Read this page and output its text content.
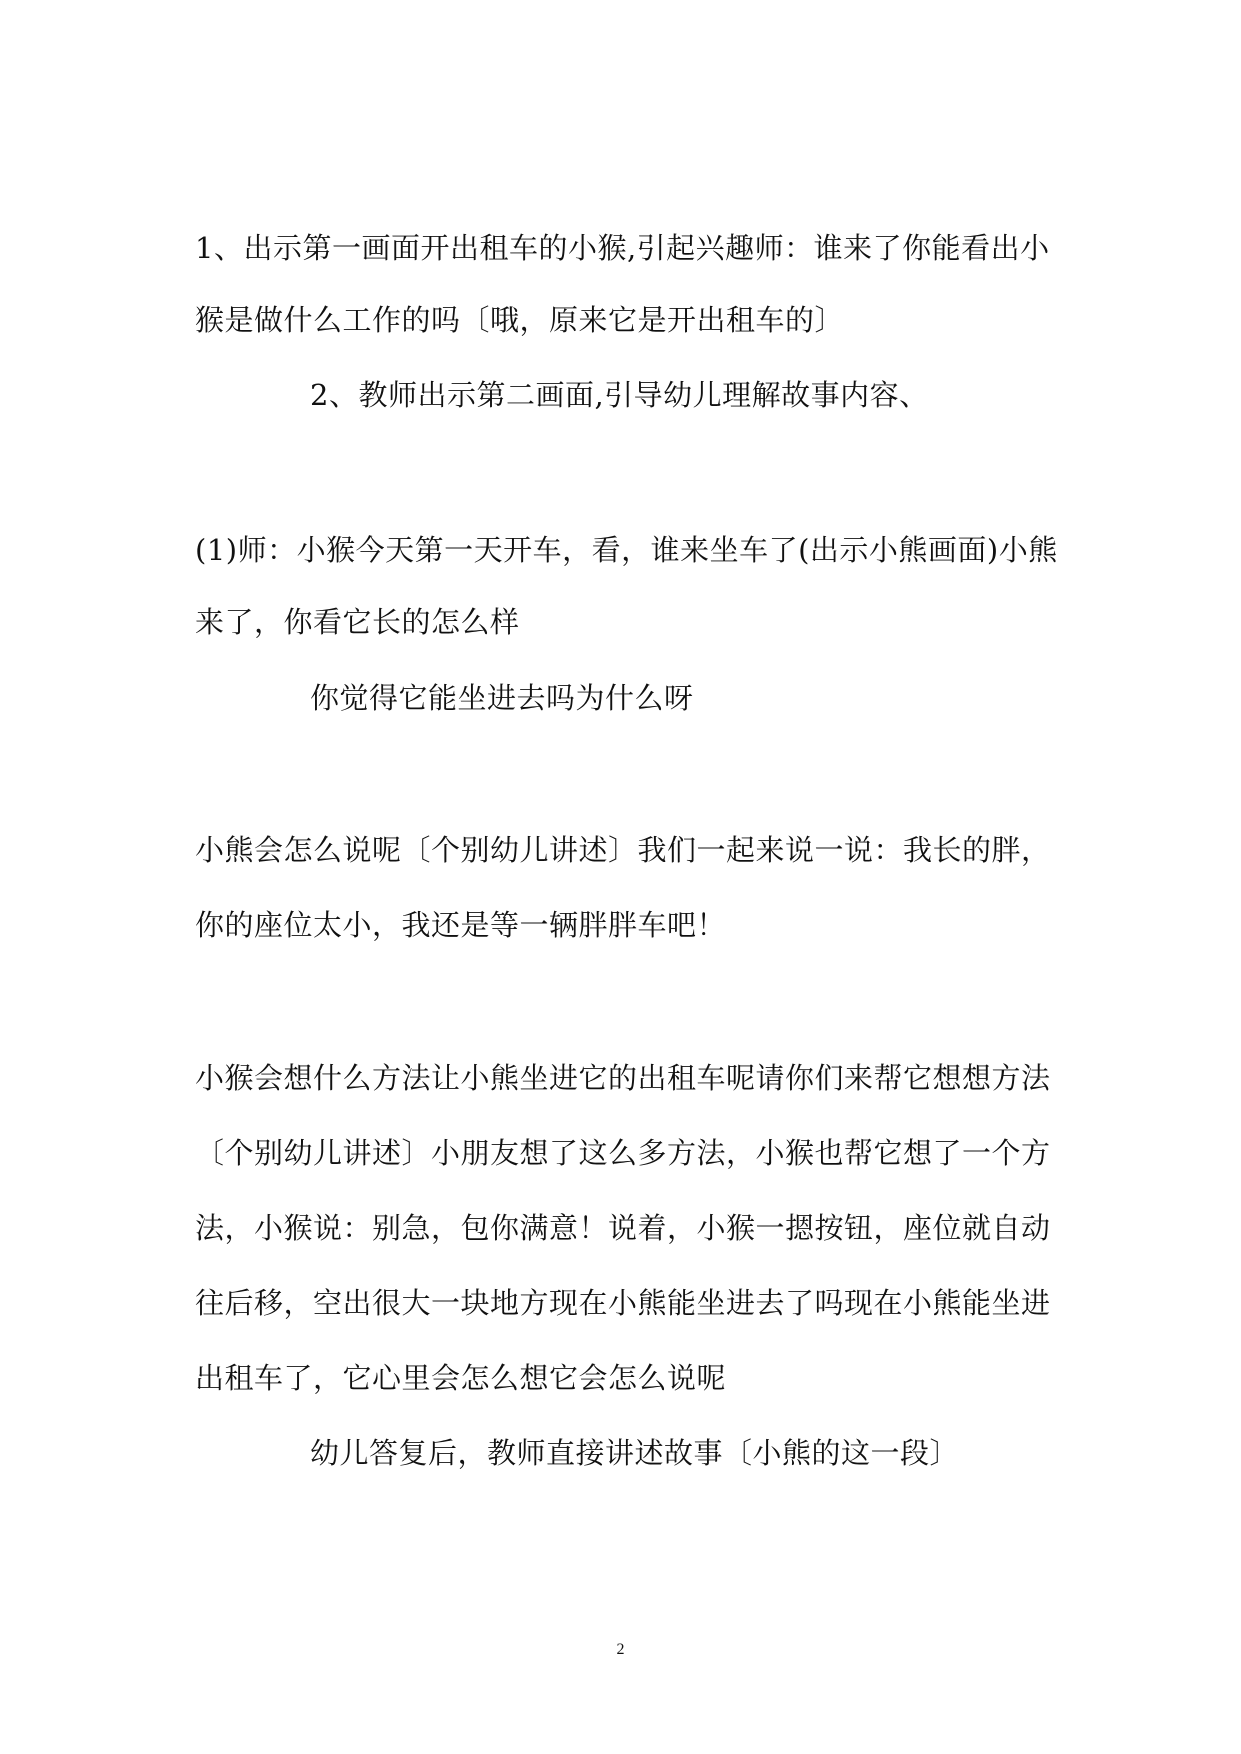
1、出示第一画面开出租车的小猴,引起兴趣师：谁来了你能看出小
猴是做什么工作的吗〔哦，原来它是开出租车的〕
2、教师出示第二画面,引导幼儿理解故事内容、
(1)师：小猴今天第一天开车，看，谁来坐车了(出示小熊画面)小熊
来了，你看它长的怎么样
你觉得它能坐进去吗为什么呀
小熊会怎么说呢〔个别幼儿讲述〕我们一起来说一说：我长的胖，
你的座位太小，我还是等一辆胖胖车吧！
小猴会想什么方法让小熊坐进它的出租车呢请你们来帮它想想方法
〔个别幼儿讲述〕小朋友想了这么多方法，小猴也帮它想了一个方
法，小猴说：别急，包你满意！说着，小猴一摁按钮，座位就自动
往后移，空出很大一块地方现在小熊能坐进去了吗现在小熊能坐进
出租车了，它心里会怎么想它会怎么说呢
幼儿答复后，教师直接讲述故事〔小熊的这一段〕
2
